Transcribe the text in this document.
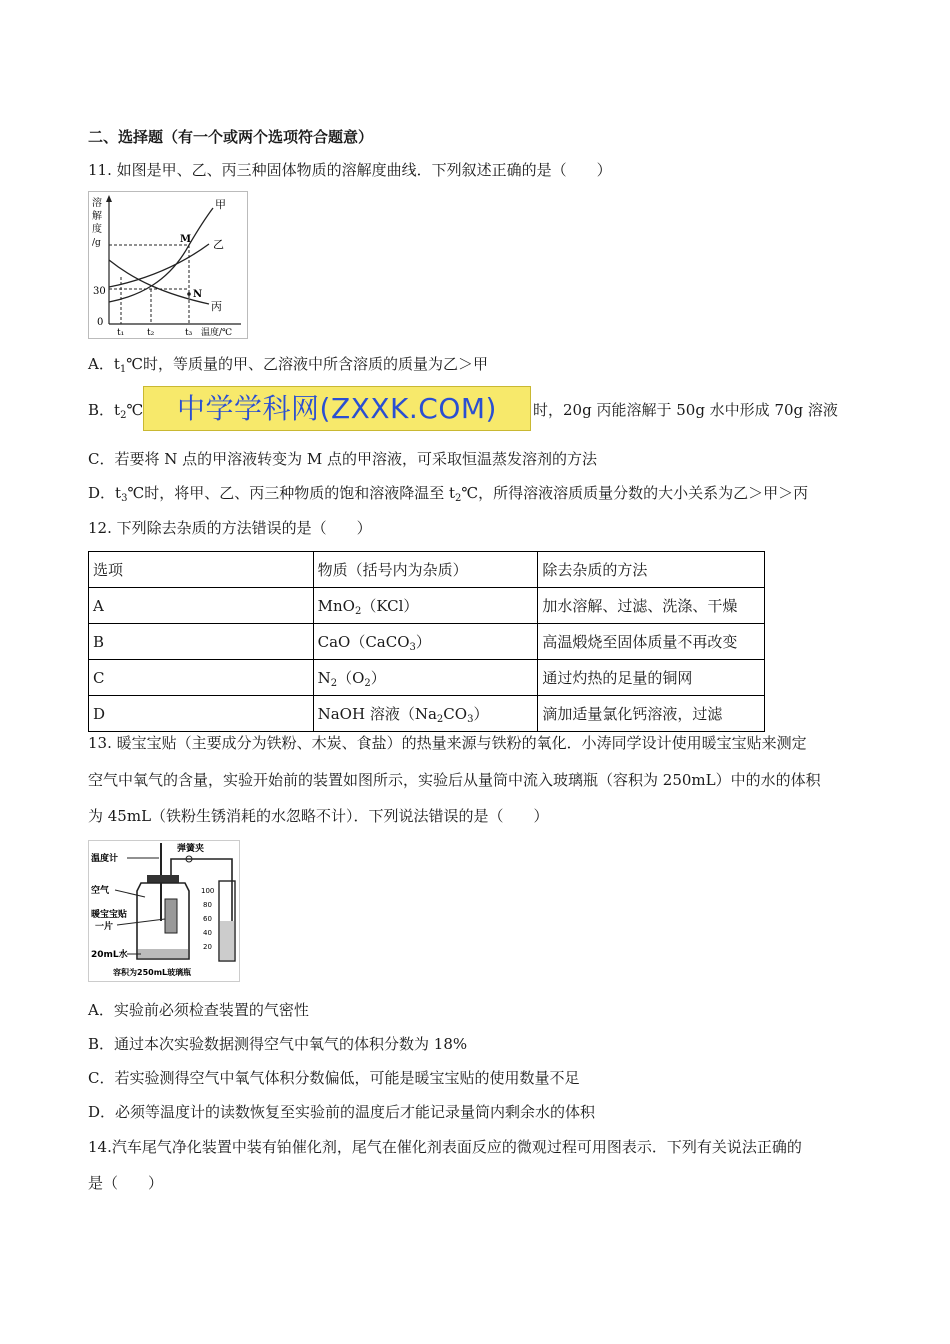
二、选择题（有一个或两个选项符合题意）
11. 如图是甲、乙、丙三种固体物质的溶解度曲线．下列叙述正确的是（　　）
溶
解
度
/g
30
0
甲
乙
丙
M
N
t₁	t₂	t₃ 温度/℃
A．$t_1℃$时，等质量的甲、乙溶液中所含溶质的质量为乙＞甲
B．$t_2℃$	时，20g 丙能溶解于 50g 水中形成 70g 溶液
中学学科网(ZXXK.COM)
C．若要将 N 点的甲溶液转变为 M 点的甲溶液，可采取恒温蒸发溶剂的方法
D．$t_3℃$时，将甲、乙、丙三种物质的饱和溶液降温至 $t_2℃$，所得溶液溶质质量分数的大小关系为乙＞甲＞丙
12. 下列除去杂质的方法错误的是（　　）
选项	物质（括号内为杂质）	除去杂质的方法
A	MnO$_2$（KCl）	加水溶解、过滤、洗涤、干燥
B	CaO（CaCO$_3$）	高温煅烧至固体质量不再改变
C	$N_2(O_2)$	通过灼热的足量的铜网
D	NaOH 溶液$(Na_2CO_3)$	滴加适量氯化钙溶液，过滤
13. 暖宝宝贴（主要成分为铁粉、木炭、食盐）的热量来源与铁粉的氧化．小涛同学设计使用暖宝宝贴来测定
空气中氧气的含量，实验开始前的装置如图所示，实验后从量筒中流入玻璃瓶（容积为 250mL）中的水的体积
为 45mL（铁粉生锈消耗的水忽略不计）．下列说法错误的是（　　）
弹簧夹
100
80
60
40
20
温度计
空气
暖宝宝贴
一片
20mL水
容积为250mL玻璃瓶
A．实验前必须检查装置的气密性
B．通过本次实验数据测得空气中氧气的体积分数为 18%
C．若实验测得空气中氧气体积分数偏低，可能是暖宝宝贴的使用数量不足
D．必须等温度计的读数恢复至实验前的温度后才能记录量筒内剩余水的体积
14.汽车尾气净化装置中装有铂催化剂，尾气在催化剂表面反应的微观过程可用图表示．下列有关说法正确的
是（　　）
